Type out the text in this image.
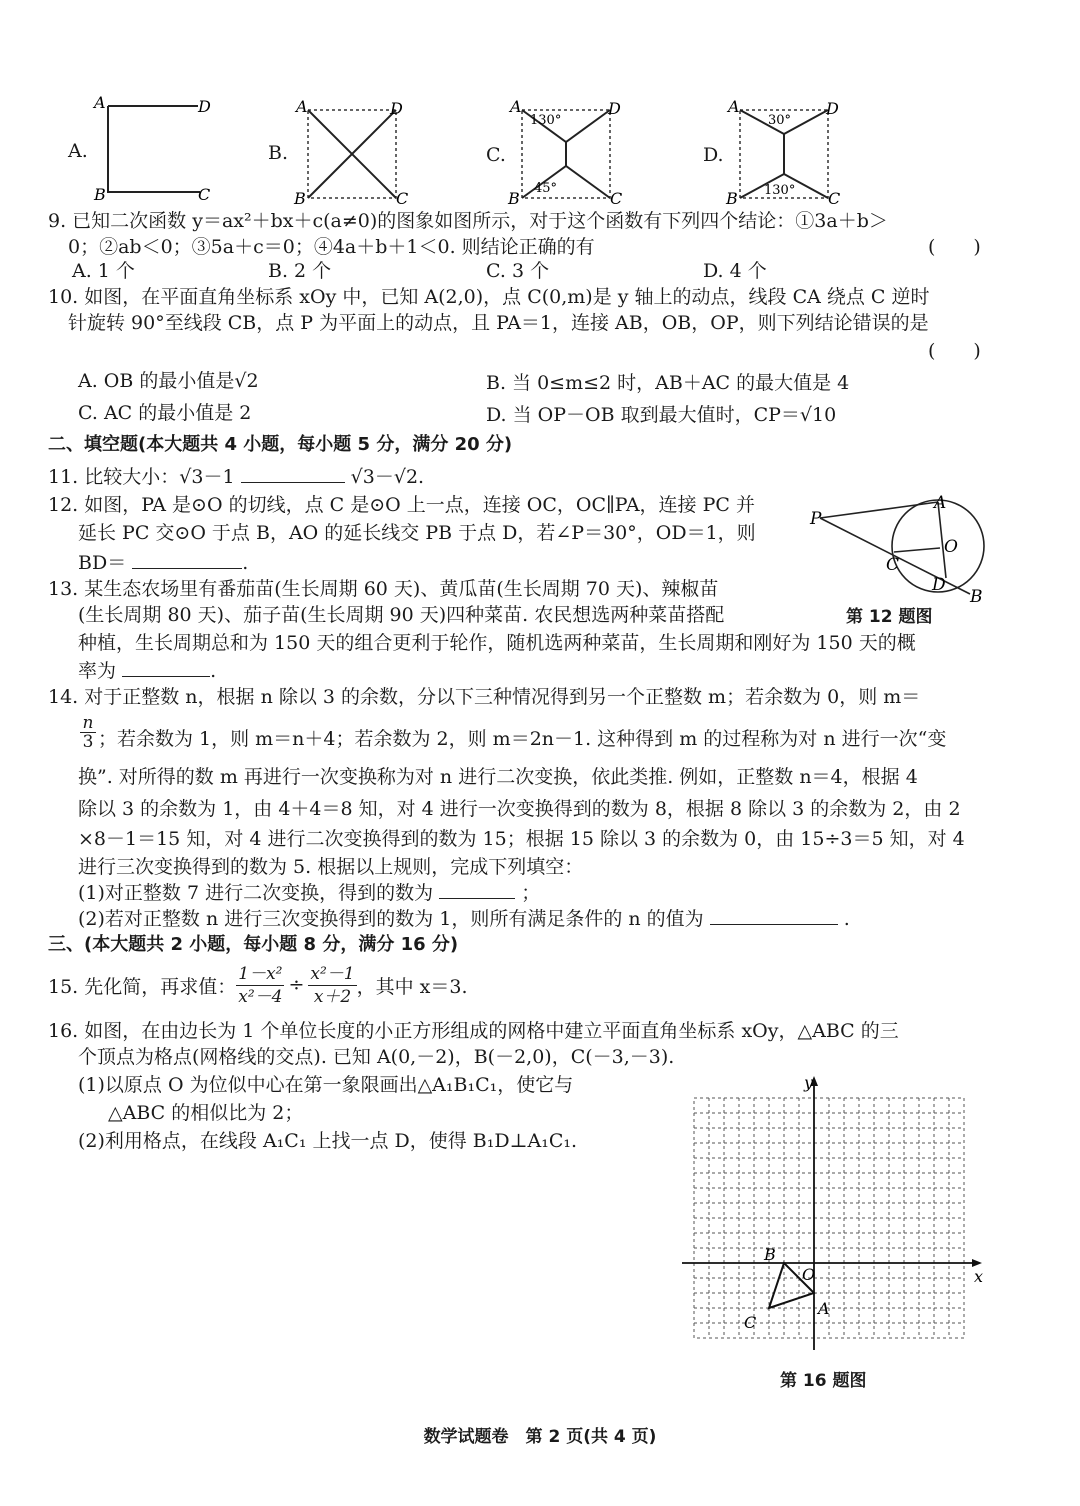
A.	B.	C.	D.
A	D
B	C
A	D
B	C
A	D
B	C
130°
45°
A	D
B	C
30°
130°
9. 已知二次函数 y＝ax²＋bx＋c(a≠0)的图象如图所示，对于这个函数有下列四个结论：①3a＋b＞
0；②ab＜0；③5a＋c＝0；④4a＋b＋1＜0. 则结论正确的有	(　　)
A. 1 个	B. 2 个	C. 3 个	D. 4 个
10. 如图，在平面直角坐标系 xOy 中，已知 A(2,0)，点 C(0,m)是 y 轴上的动点，线段 CA 绕点 C 逆时
针旋转 90°至线段 CB，点 P 为平面上的动点，且 PA＝1，连接 AB，OB，OP，则下列结论错误的是
(　　)
A. OB 的最小值是√2	B. 当 0≤m≤2 时，AB＋AC 的最大值是 4
C. AC 的最小值是 2	D. 当 OP－OB 取到最大值时，CP＝√10
二、填空题(本大题共 4 小题，每小题 5 分，满分 20 分)
11. 比较大小：√3－1	√3－√2.
12. 如图，PA 是⊙O 的切线，点 C 是⊙O 上一点，连接 OC，OC∥PA，连接 PC 并
延长 PC 交⊙O 于点 B，AO 的延长线交 PB 于点 D，若∠P＝30°，OD＝1，则
BD＝	.
P
A
O
C
D
B
第 12 题图
13. 某生态农场里有番茄苗(生长周期 60 天)、黄瓜苗(生长周期 70 天)、辣椒苗
(生长周期 80 天)、茄子苗(生长周期 90 天)四种菜苗. 农民想选两种菜苗搭配
种植，生长周期总和为 150 天的组合更利于轮作，随机选两种菜苗，生长周期和刚好为 150 天的概
率为	.
14. 对于正整数 n，根据 n 除以 3 的余数，分以下三种情况得到另一个正整数 m；若余数为 0，则 m＝
n
3 ；若余数为 1，则 m＝n＋4；若余数为 2，则 m＝2n－1. 这种得到 m 的过程称为对 n 进行一次“变
换”. 对所得的数 m 再进行一次变换称为对 n 进行二次变换，依此类推. 例如，正整数 n＝4，根据 4
除以 3 的余数为 1，由 4＋4＝8 知，对 4 进行一次变换得到的数为 8，根据 8 除以 3 的余数为 2，由 2
×8－1＝15 知，对 4 进行二次变换得到的数为 15；根据 15 除以 3 的余数为 0，由 15÷3＝5 知，对 4
进行三次变换得到的数为 5. 根据以上规则，完成下列填空：
(1)对正整数 7 进行二次变换，得到的数为	；
(2)若对正整数 n 进行三次变换得到的数为 1，则所有满足条件的 n 的值为	.
三、(本大题共 2 小题，每小题 8 分，满分 16 分)
15. 先化简，再求值： $\frac{\text{1－x²}}{\text{x²－4}} \div \frac{\text{x²－1}}{x+2}$ ，其中 x＝3.
16. 如图，在由边长为 1 个单位长度的小正方形组成的网格中建立平面直角坐标系 xOy，△ABC 的三
个顶点为格点(网格线的交点). 已知 A(0,－2)，B(－2,0)，C(－3,－3).
(1)以原点 O 为位似中心在第一象限画出△A₁B₁C₁，使它与
△ABC 的相似比为 2；
(2)利用格点，在线段 A₁C₁ 上找一点 D，使得 B₁D⊥A₁C₁.
x
y
O
A
B
C
第 16 题图
数学试题卷　第 2 页(共 4 页)
